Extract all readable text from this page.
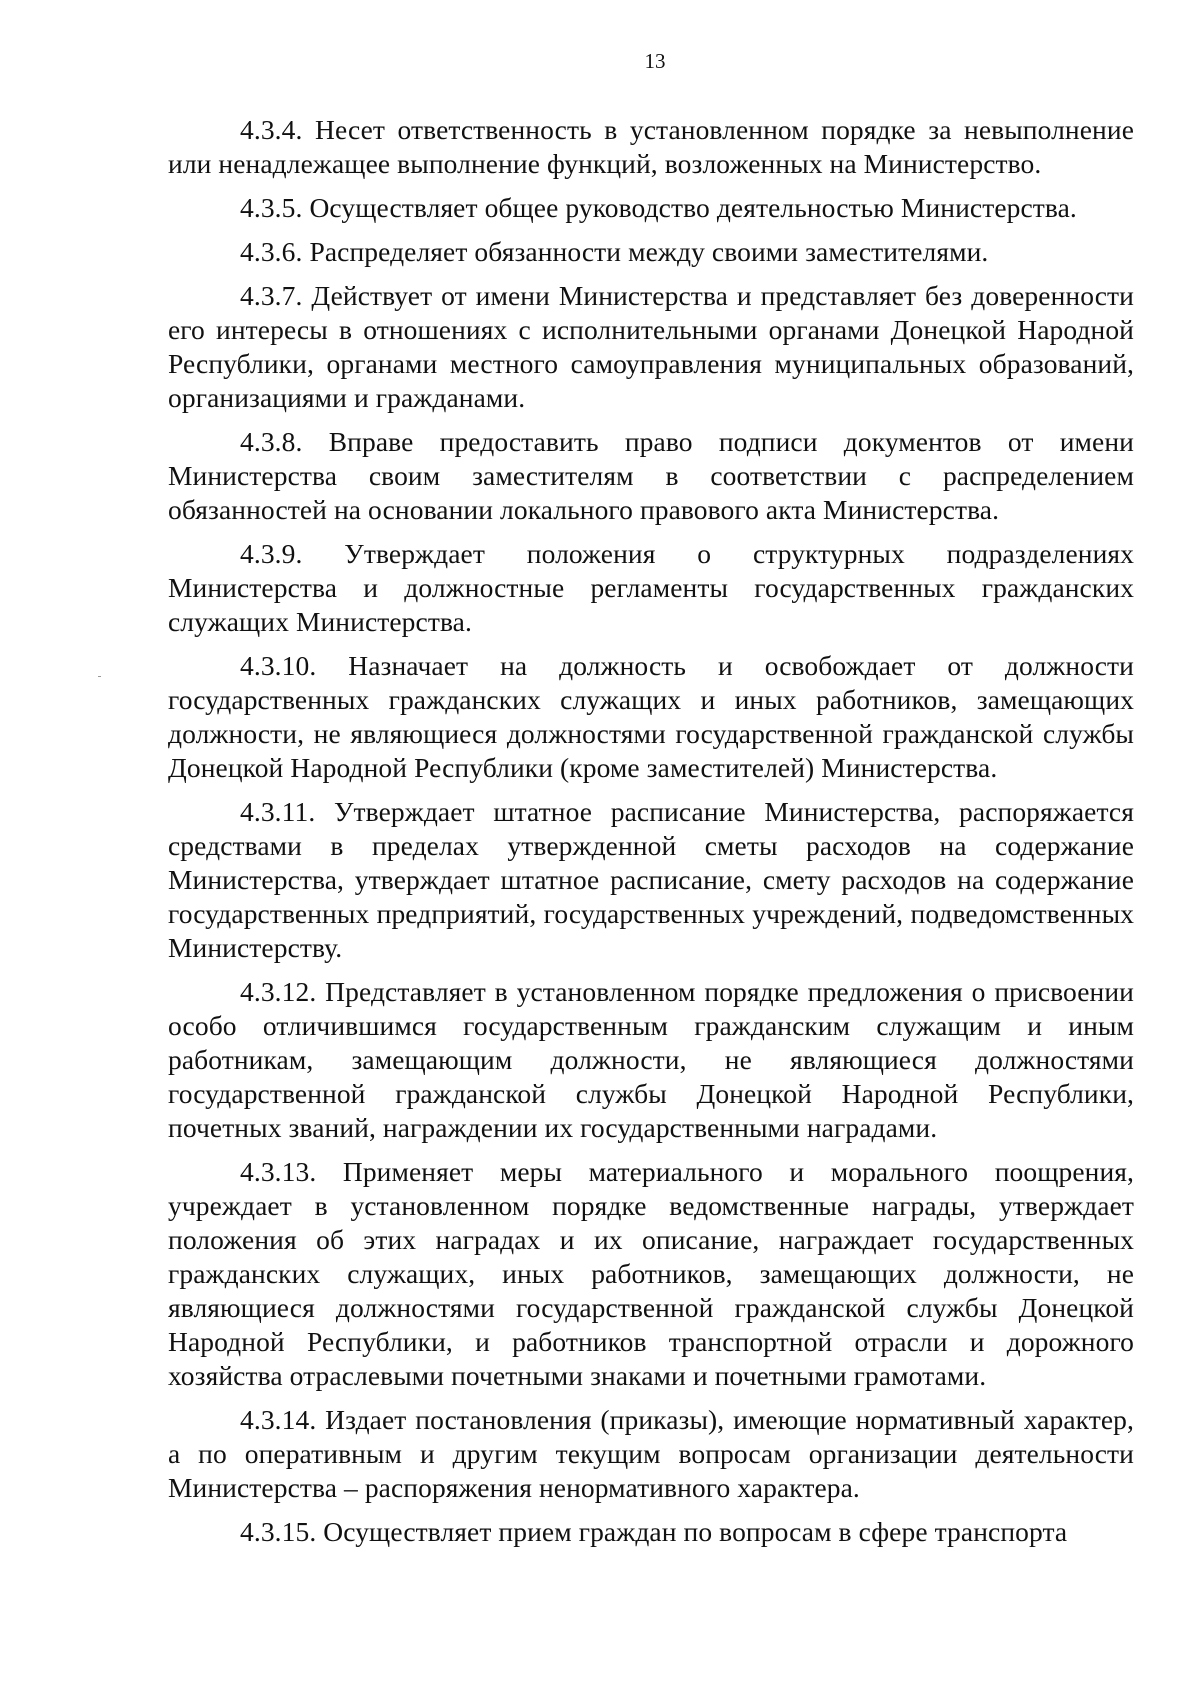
13

4.3.4. Несет ответственность в установленном порядке за невыполнение или ненадлежащее выполнение функций, возложенных на Министерство.

4.3.5. Осуществляет общее руководство деятельностью Министерства.

4.3.6. Распределяет обязанности между своими заместителями.

4.3.7. Действует от имени Министерства и представляет без доверенности его интересы в отношениях с исполнительными органами Донецкой Народной Республики, органами местного самоуправления муниципальных образований, организациями и гражданами.

4.3.8. Вправе предоставить право подписи документов от имени Министерства своим заместителям в соответствии с распределением обязанностей на основании локального правового акта Министерства.

4.3.9. Утверждает положения о структурных подразделениях Министерства и должностные регламенты государственных гражданских служащих Министерства.

4.3.10. Назначает на должность и освобождает от должности государственных гражданских служащих и иных работников, замещающих должности, не являющиеся должностями государственной гражданской службы Донецкой Народной Республики (кроме заместителей) Министерства.

4.3.11. Утверждает штатное расписание Министерства, распоряжается средствами в пределах утвержденной сметы расходов на содержание Министерства, утверждает штатное расписание, смету расходов на содержание государственных предприятий, государственных учреждений, подведомственных Министерству.

4.3.12. Представляет в установленном порядке предложения о присвоении особо отличившимся государственным гражданским служащим и иным работникам, замещающим должности, не являющиеся должностями государственной гражданской службы Донецкой Народной Республики, почетных званий, награждении их государственными наградами.

4.3.13. Применяет меры материального и морального поощрения, учреждает в установленном порядке ведомственные награды, утверждает положения об этих наградах и их описание, награждает государственных гражданских служащих, иных работников, замещающих должности, не являющиеся должностями государственной гражданской службы Донецкой Народной Республики, и работников транспортной отрасли и дорожного хозяйства отраслевыми почетными знаками и почетными грамотами.

4.3.14. Издает постановления (приказы), имеющие нормативный характер, а по оперативным и другим текущим вопросам организации деятельности Министерства – распоряжения ненормативного характера.

4.3.15. Осуществляет прием граждан по вопросам в сфере транспорта
